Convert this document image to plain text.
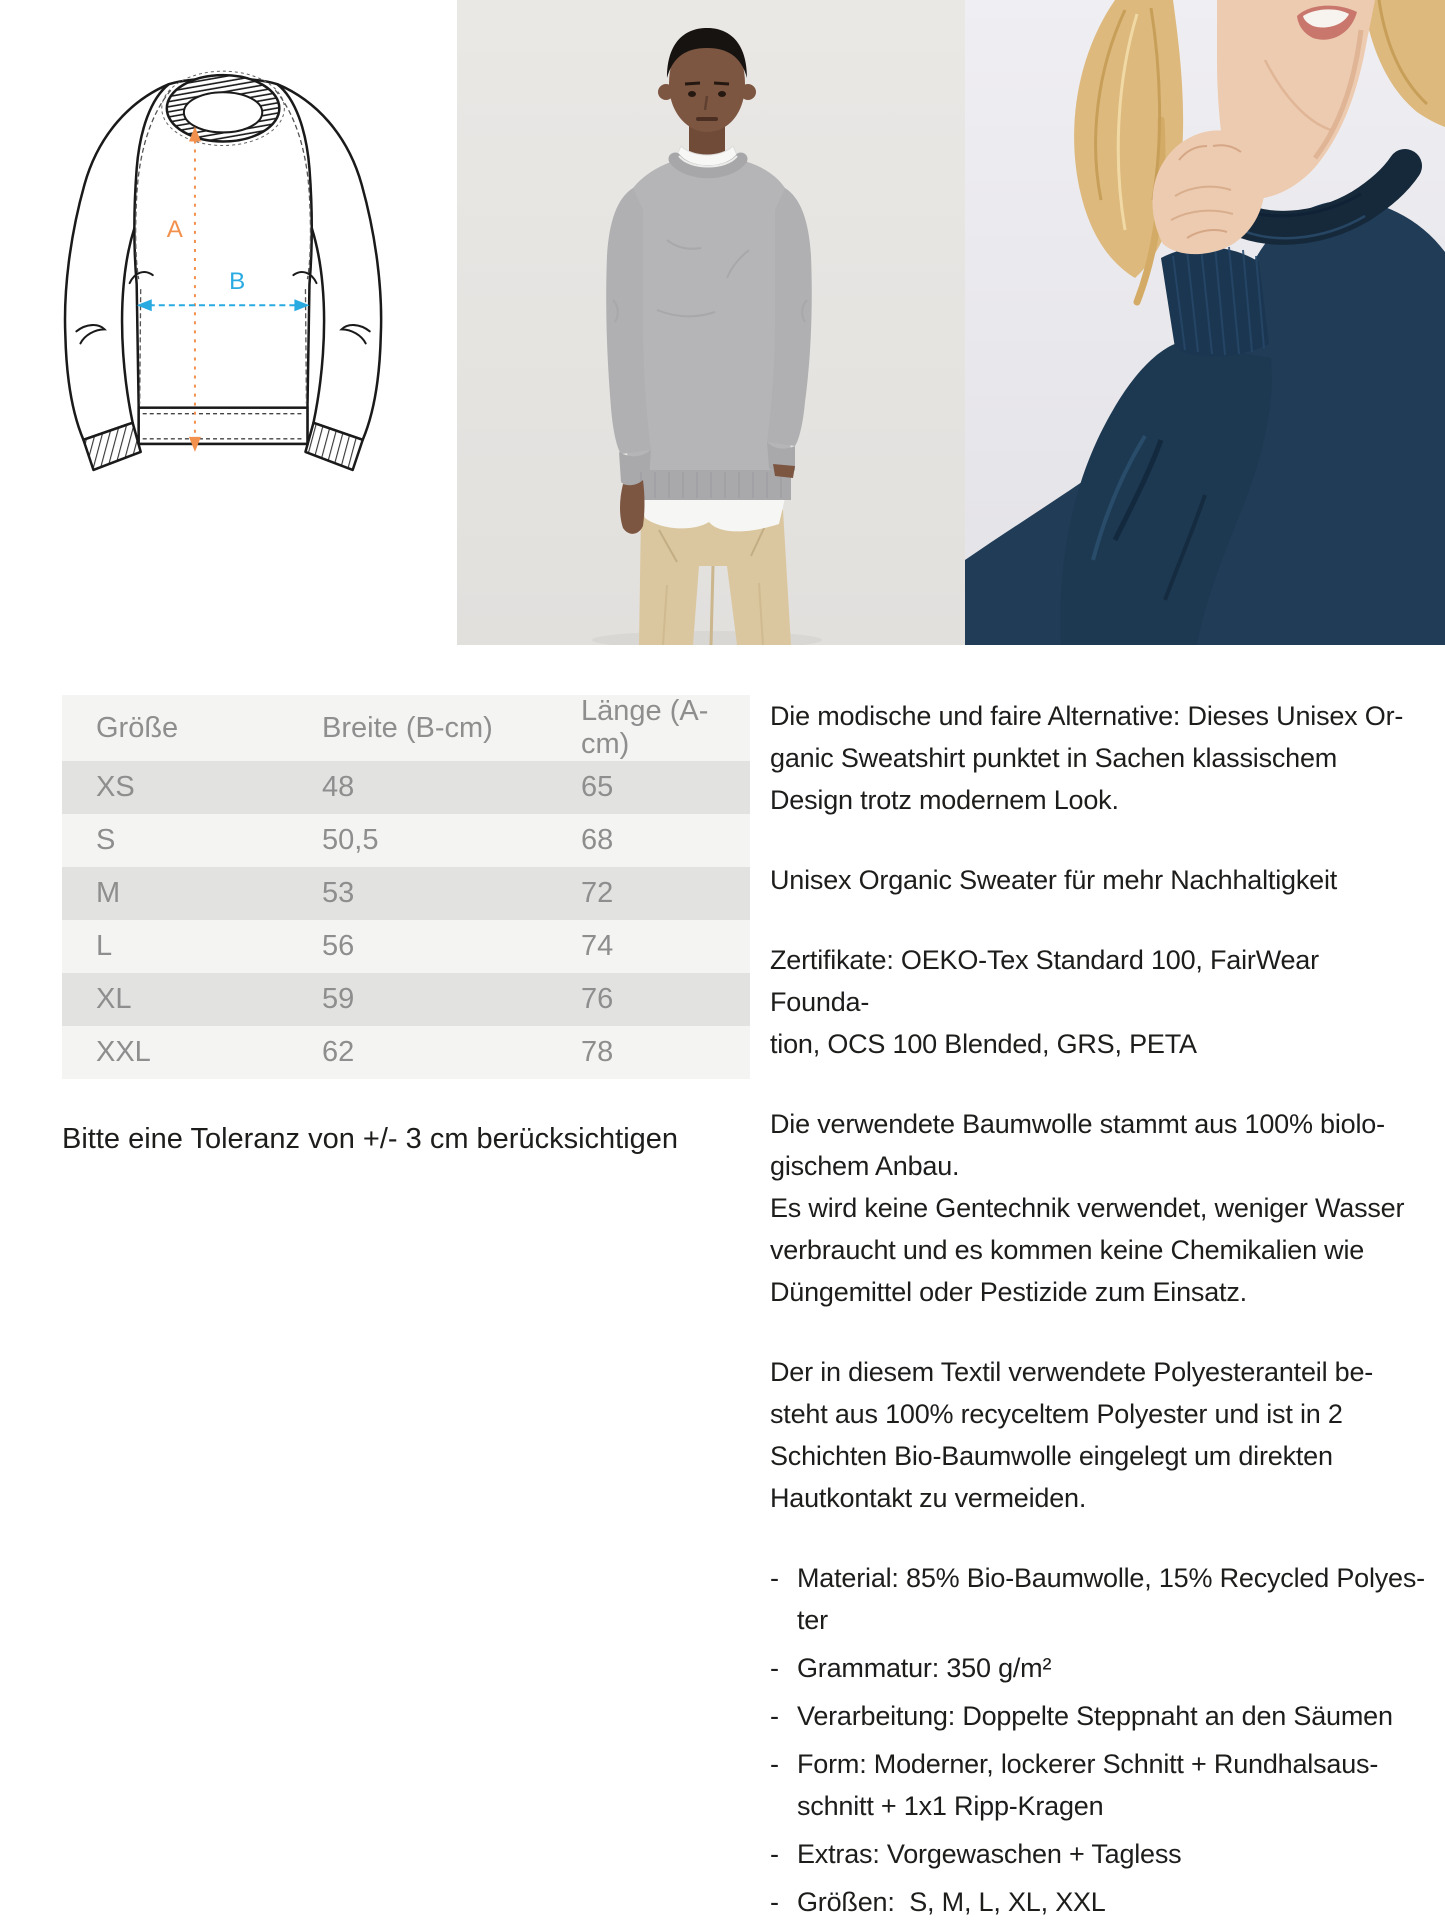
A
B
Größe	Breite (B-cm)	Länge (A-cm)
XS	48	65
S	50,5	68
M	53	72
L	56	74
XL	59	76
XXL	62	78

Bitte eine Toleranz von +/- 3 cm berücksichtigen

Die modische und faire Alternative: Dieses Unisex Or-
ganic Sweatshirt punktet in Sachen klassischem
Design trotz modernem Look.
Unisex Organic Sweater für mehr Nachhaltigkeit
Zertifikate: OEKO-Tex Standard 100, FairWear Founda-
tion, OCS 100 Blended, GRS, PETA
Die verwendete Baumwolle stammt aus 100% biolo-
gischem Anbau.
Es wird keine Gentechnik verwendet, weniger Wasser
verbraucht und es kommen keine Chemikalien wie
Düngemittel oder Pestizide zum Einsatz.
Der in diesem Textil verwendete Polyesteranteil be-
steht aus 100% recyceltem Polyester und ist in 2
Schichten Bio-Baumwolle eingelegt um direkten
Hautkontakt zu vermeiden.
- Material: 85% Bio-Baumwolle, 15% Recycled Polyes-
ter
- Grammatur: 350 g/m²
- Verarbeitung: Doppelte Steppnaht an den Säumen
- Form: Moderner, lockerer Schnitt + Rundhalsaus-
schnitt + 1x1 Ripp-Kragen
- Extras: Vorgewaschen + Tagless
- Größen:  S, M, L, XL, XXL
